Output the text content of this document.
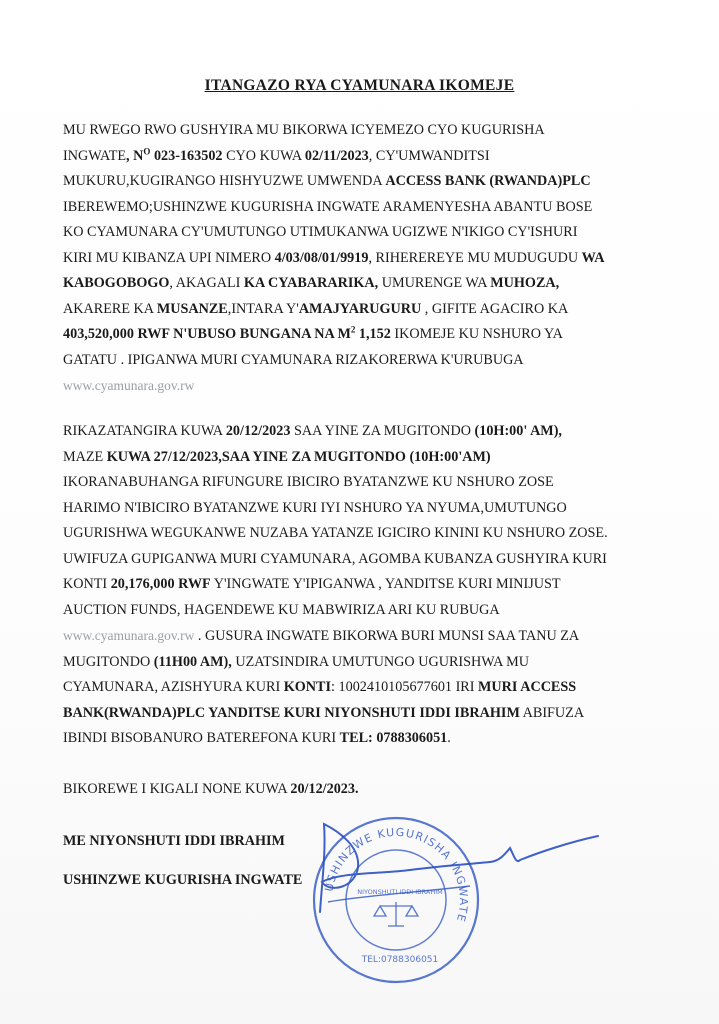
ITANGAZO RYA CYAMUNARA IKOMEJE
MU RWEGO RWO GUSHYIRA MU BIKORWA ICYEMEZO CYO KUGURISHA
INGWATE, $N^O$ 023-163502 CYO KUWA 02/11/2023, CY'UMWANDITSI
MUKURU,KUGIRANGO HISHYUZWE UMWENDA ACCESS BANK (RWANDA)PLC
IBEREWEMO;USHINZWE KUGURISHA INGWATE ARAMENYESHA ABANTU BOSE
KO CYAMUNARA CY'UMUTUNGO UTIMUKANWA UGIZWE N'IKIGO CY'ISHURI
KIRI MU KIBANZA UPI NIMERO 4/03/08/01/9919, RIHEREREYE MU MUDUGUDU WA
KABOGOBOGO, AKAGALI KA CYABARARIKA, UMURENGE WA MUHOZA,
AKARERE KA MUSANZE,INTARA Y'AMAJYARUGURU , GIFITE AGACIRO KA
403,520,000 RWF N'UBUSO BUNGANA NA $M^2$ 1,152 IKOMEJE KU NSHURO YA
GATATU . IPIGANWA MURI CYAMUNARA RIZAKORERWA K'URUBUGA
www.cyamunara.gov.rw
RIKAZATANGIRA KUWA 20/12/2023 SAA YINE ZA MUGITONDO (10H:00' AM),
MAZE KUWA 27/12/2023,SAA YINE ZA MUGITONDO (10H:00'AM)
IKORANABUHANGA RIFUNGURE IBICIRO BYATANZWE KU NSHURO ZOSE
HARIMO N'IBICIRO BYATANZWE KURI IYI NSHURO YA NYUMA,UMUTUNGO
UGURISHWA WEGUKANWE NUZABA YATANZE IGICIRO KININI KU NSHURO ZOSE.
UWIFUZA GUPIGANWA MURI CYAMUNARA, AGOMBA KUBANZA GUSHYIRA KURI
KONTI 20,176,000 RWF Y'INGWATE Y'IPIGANWA , YANDITSE KURI MINIJUST
AUCTION FUNDS, HAGENDEWE KU MABWIRIZA ARI KU RUBUGA
www.cyamunara.gov.rw . GUSURA INGWATE BIKORWA BURI MUNSI SAA TANU ZA
MUGITONDO (11H00 AM), UZATSINDIRA UMUTUNGO UGURISHWA MU
CYAMUNARA, AZISHYURA KURI KONTI: 1002410105677601 IRI MURI ACCESS
BANK(RWANDA)PLC YANDITSE KURI NIYONSHUTI IDDI IBRAHIM ABIFUZA
IBINDI BISOBANURO BATEREFONA KURI TEL: 0788306051.
BIKOREWE I KIGALI NONE KUWA 20/12/2023.
ME NIYONSHUTI IDDI IBRAHIM
USHINZWE KUGURISHA INGWATE USHINZWE KUGURISHA INGWATE
NIYONSHUTI IDDI IBRAHIM
TEL:0788306051
